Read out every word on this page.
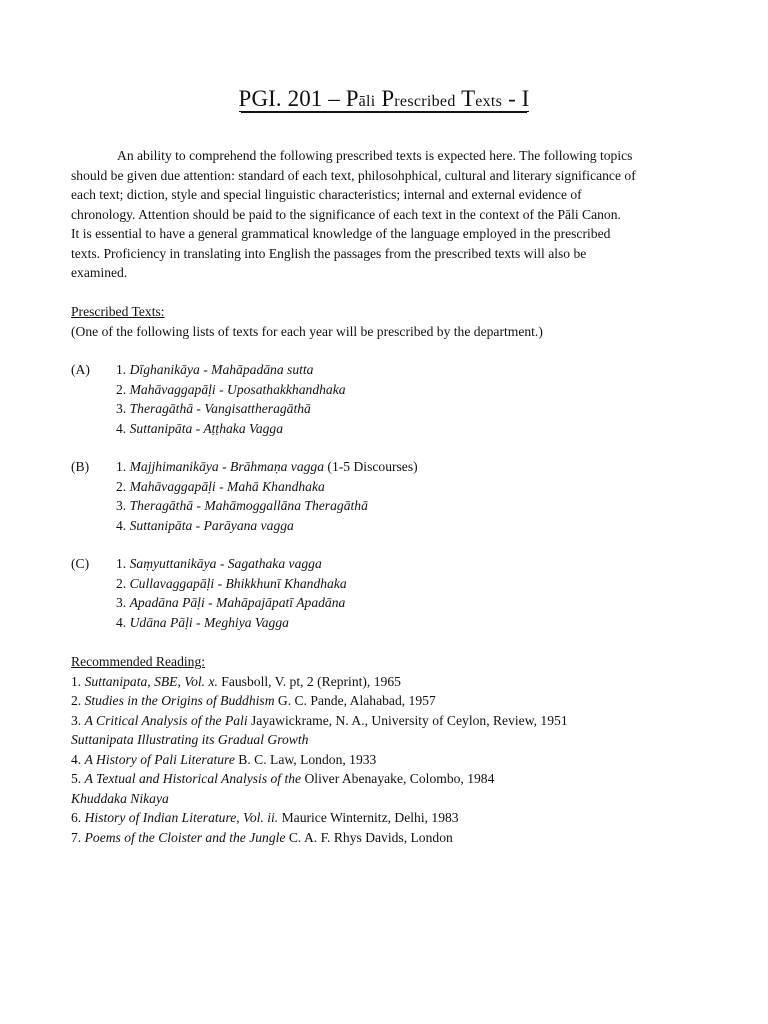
PGI. 201 – Pāli Prescribed Texts - I

An ability to comprehend the following prescribed texts is expected here. The following topics

should be given due attention: standard of each text, philosohphical, cultural and literary significance of

each text; diction, style and special linguistic characteristics; internal and external evidence of

chronology. Attention should be paid to the significance of each text in the context of the Pāli Canon.

It is essential to have a general grammatical knowledge of the language employed in the prescribed

texts. Proficiency in translating into English the passages from the prescribed texts will also be

examined.

Prescribed Texts:
(One of the following lists of texts for each year will be prescribed by the department.)
(A) 1. Dīghanikāya - Mahāpadāna sutta
2. Mahāvaggapāḷi - Uposathakkhandhaka
3. Theragāthā - Vangisattheragāthā
4. Suttanipāta - Aṭṭhaka Vagga
(B) 1. Majjhimanikāya - Brāhmaṇa vagga (1-5 Discourses)
2. Mahāvaggapāḷi - Mahā Khandhaka
3. Theragāthā - Mahāmoggallāna Theragāthā
4. Suttanipāta - Parāyana vagga
(C) 1. Saṃyuttanikāya - Sagathaka vagga
2. Cullavaggapāḷi - Bhikkhunī Khandhaka
3. Apadāna Pāḷi - Mahāpajāpatī Apadāna
4. Udāna Pāḷi - Meghiya Vagga
Recommended Reading:
1. Suttanipata, SBE, Vol. x. Fausboll, V. pt, 2 (Reprint), 1965
2. Studies in the Origins of Buddhism G. C. Pande, Alahabad, 1957
3. A Critical Analysis of the Pali Jayawickrame, N. A., University of Ceylon, Review, 1951
Suttanipata Illustrating its Gradual Growth
4. A History of Pali Literature B. C. Law, London, 1933
5. A Textual and Historical Analysis of the Oliver Abenayake, Colombo, 1984
Khuddaka Nikaya
6. History of Indian Literature, Vol. ii. Maurice Winternitz, Delhi, 1983
7. Poems of the Cloister and the Jungle C. A. F. Rhys Davids, London
